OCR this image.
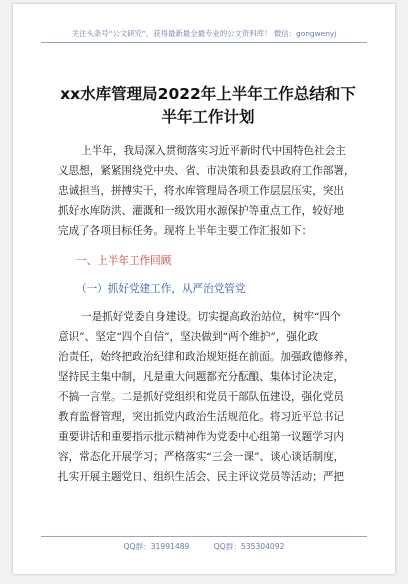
关注头条号“公文研究”，获得最新最全最专业的公文资料库！ 微信：gongwenyj
xx水库管理局2022年上半年工作总结和下
半年工作计划
上半年，我局深入贯彻落实习近平新时代中国特色社会主
义思想，紧紧围绕党中央、省、市决策和县委县政府工作部署，
忠诚担当，拼搏实干，将水库管理局各项工作层层压实，突出
抓好水库防洪、灌溉和一级饮用水源保护等重点工作，较好地
完成了各项目标任务。现将上半年主要工作汇报如下：
一、上半年工作回顾
（一）抓好党建工作，从严治党管党
一是抓好党委自身建设。切实提高政治站位，树牢“四个
意识”、坚定“四个自信”，坚决做到“两个维护”，强化政
治责任，始终把政治纪律和政治规矩挺在前面。加强政德修养，
坚持民主集中制，凡是重大问题都充分酝酿、集体讨论决定，
不搞一言堂。二是抓好党组织和党员干部队伍建设，强化党员
教育监督管理，突出抓党内政治生活规范化。将习近平总书记
重要讲话和重要指示批示精神作为党委中心组第一议题学习内
容，常态化开展学习；严格落实“三会一课”、谈心谈话制度，
扎实开展主题党日、组织生活会、民主评议党员等活动；严把
QQ群：31991489	QQ群：535304092
